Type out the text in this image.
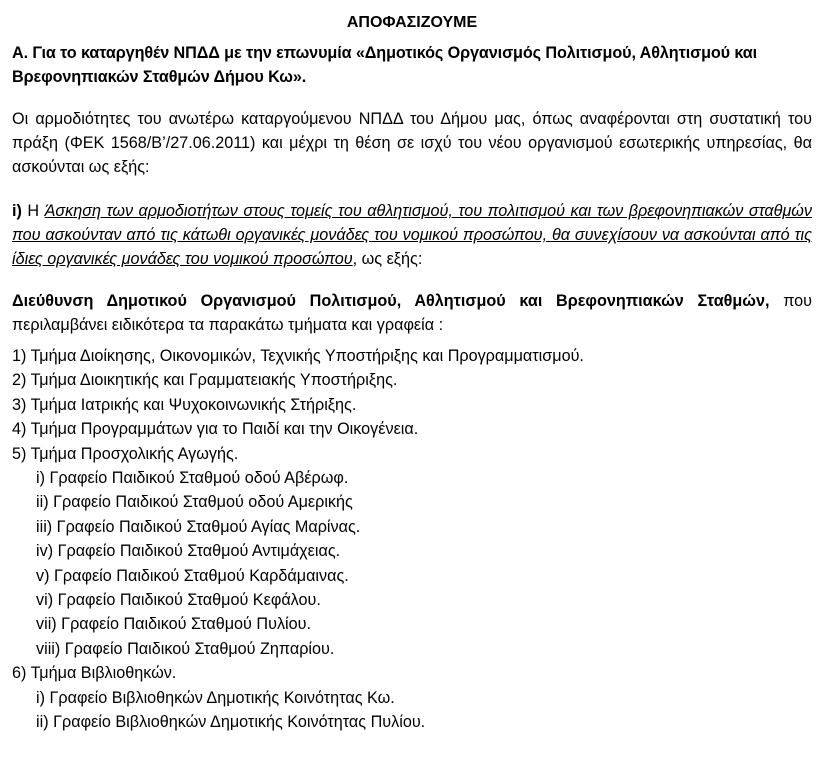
ΑΠΟΦΑΣΙΖΟΥΜΕ

Α. Για το καταργηθέν ΝΠΔΔ με την επωνυμία «Δημοτικός Οργανισμός Πολιτισμού, Αθλητισμού και Βρεφονηπιακών Σταθμών Δήμου Κω».

Οι αρμοδιότητες του ανωτέρω καταργούμενου ΝΠΔΔ του Δήμου μας, όπως αναφέρονται στη συστατική του πράξη (ΦΕΚ 1568/Β’/27.06.2011) και μέχρι τη θέση σε ισχύ του νέου οργανισμού εσωτερικής υπηρεσίας, θα ασκούνται ως εξής:

i) Η Άσκηση των αρμοδιοτήτων στους τομείς του αθλητισμού, του πολιτισμού και των βρεφονηπιακών σταθμών που ασκούνταν από τις κάτωθι οργανικές μονάδες του νομικού προσώπου, θα συνεχίσουν να ασκούνται από τις ίδιες οργανικές μονάδες του νομικού προσώπου, ως εξής:

Διεύθυνση Δημοτικού Οργανισμού Πολιτισμού, Αθλητισμού και Βρεφονηπιακών Σταθμών, που περιλαμβάνει ειδικότερα τα παρακάτω τμήματα και γραφεία :

1) Τμήμα Διοίκησης, Οικονομικών, Τεχνικής Υποστήριξης και Προγραμματισμού.
2) Τμήμα Διοικητικής και Γραμματειακής Υποστήριξης.
3) Τμήμα Ιατρικής και Ψυχοκοινωνικής Στήριξης.
4) Τμήμα Προγραμμάτων για το Παιδί και την Οικογένεια.
5) Τμήμα Προσχολικής Αγωγής.
i) Γραφείο Παιδικού Σταθμού οδού Αβέρωφ.
ii) Γραφείο Παιδικού Σταθμού οδού Αμερικής
iii) Γραφείο Παιδικού Σταθμού Αγίας Μαρίνας.
iv) Γραφείο Παιδικού Σταθμού Αντιμάχειας.
v) Γραφείο Παιδικού Σταθμού Καρδάμαινας.
vi) Γραφείο Παιδικού Σταθμού Κεφάλου.
vii) Γραφείο Παιδικού Σταθμού Πυλίου.
viii) Γραφείο Παιδικού Σταθμού Ζηπαρίου.
6) Τμήμα Βιβλιοθηκών.
i) Γραφείο Βιβλιοθηκών Δημοτικής Κοινότητας Κω.
ii) Γραφείο Βιβλιοθηκών Δημοτικής Κοινότητας Πυλίου.
